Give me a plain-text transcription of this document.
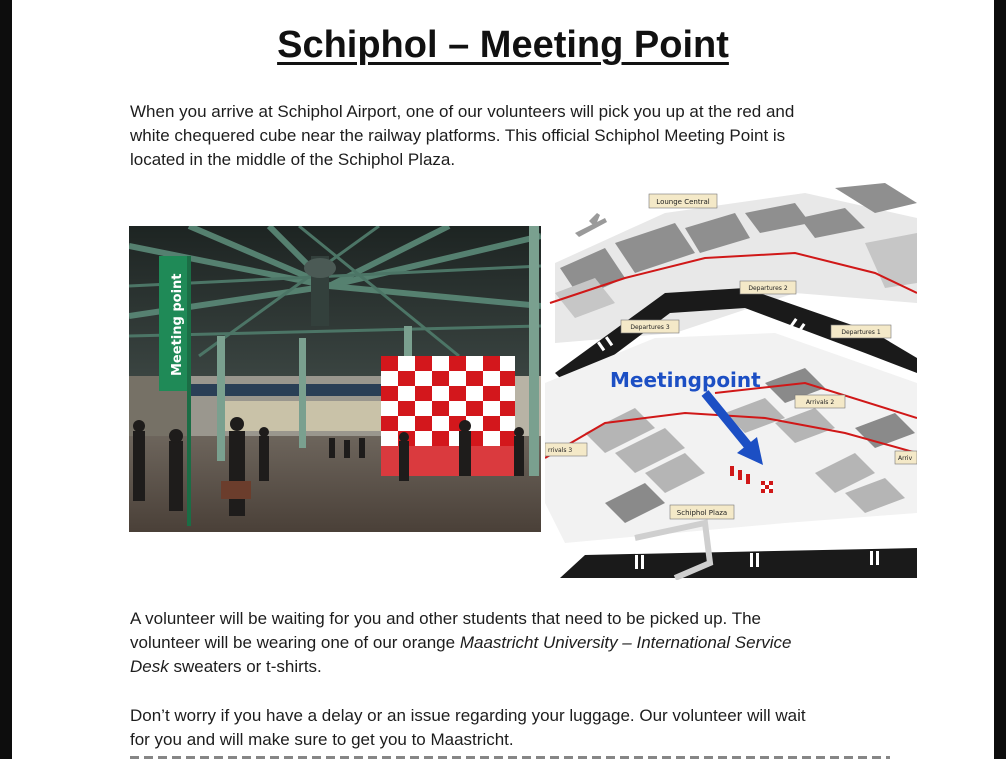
Schiphol – Meeting Point
When you arrive at Schiphol Airport, one of our volunteers will pick you up at the red and
white chequered cube near the railway platforms. This official Schiphol Meeting Point is
located in the middle of the Schiphol Plaza.
Meeting point
Lounge Central
Departures 2
Departures 3
Departures 1
Meetingpoint
Arrivals 2
rrivals 3
Arriv
Schiphol Plaza
A volunteer will be waiting for you and other students that need to be picked up. The
volunteer will be wearing one of our orange Maastricht University – International Service
Desk sweaters or t-shirts.
Don’t worry if you have a delay or an issue regarding your luggage. Our volunteer will wait
for you and will make sure to get you to Maastricht.
